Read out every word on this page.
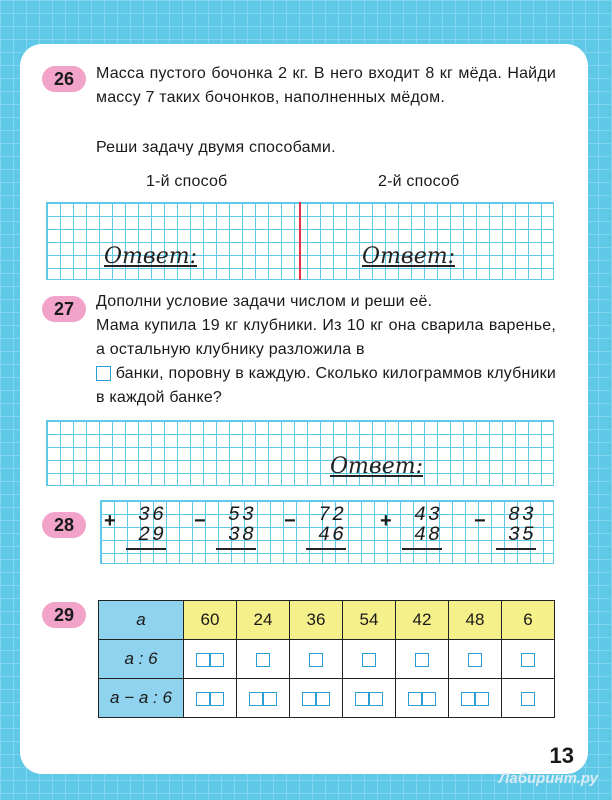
26	Масса пустого бочонка 2 кг. В него входит 8 кг мёда. Найди массу 7 таких бочонков, наполненных мёдом.
Реши задачу двумя способами.
1-й способ	2-й способ
Ответ:	Ответ:
27	Дополни условие задачи числом и реши её.
Мама купила 19 кг клубники. Из 10 кг она сварила варенье, а остальную клубнику разложила в
банки, поровну в каждую. Сколько килограммов клубники в каждой банке?
Ответ:
28	+	36
29
−	53
38
−	72
46
+	43
48
−	83
35
29	a	60	24	36	54	42	48	6
a : 6							
a − a : 6							
13
Лабиринт.ру
